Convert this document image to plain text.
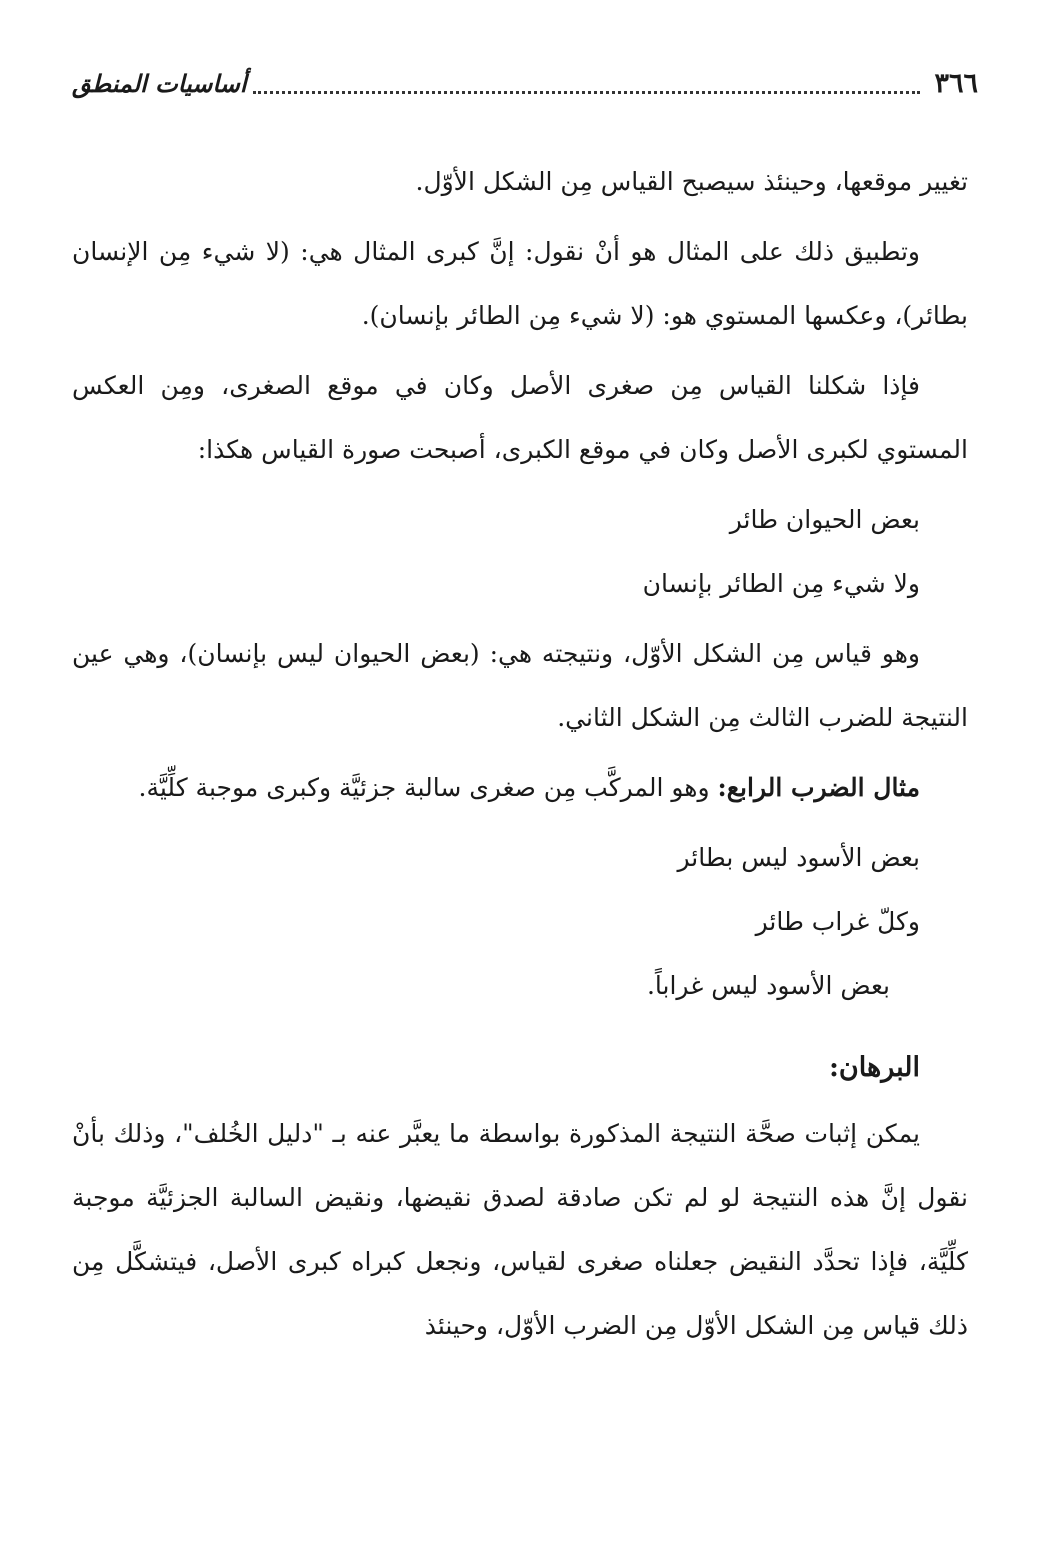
٣٦٦
أساسيات المنطق

تغيير موقعها، وحينئذ سيصبح القياس مِن الشكل الأوّل.

وتطبيق ذلك على المثال هو أنْ نقول: إنَّ كبرى المثال هي: (لا شيء مِن الإنسان بطائر)، وعكسها المستوي هو: (لا شيء مِن الطائر بإنسان).

فإذا شكلنا القياس مِن صغرى الأصل وكان في موقع الصغرى، ومِن العكس المستوي لكبرى الأصل وكان في موقع الكبرى، أصبحت صورة القياس هكذا:

بعض الحيوان طائر

ولا شيء مِن الطائر بإنسان

وهو قياس مِن الشكل الأوّل، ونتيجته هي: (بعض الحيوان ليس بإنسان)، وهي عين النتيجة للضرب الثالث مِن الشكل الثاني.

مثال الضرب الرابع: وهو المركَّب مِن صغرى سالبة جزئيَّة وكبرى موجبة كلِّيَّة.

بعض الأسود ليس بطائر

وكلّ غراب طائر

بعض الأسود ليس غراباً.

البرهان:

يمكن إثبات صحَّة النتيجة المذكورة بواسطة ما يعبَّر عنه بـ "دليل الخُلف"، وذلك بأنْ نقول إنَّ هذه النتيجة لو لم تكن صادقة لصدق نقيضها، ونقيض السالبة الجزئيَّة موجبة كلِّيَّة، فإذا تحدَّد النقيض جعلناه صغرى لقياس، ونجعل كبراه كبرى الأصل، فيتشكَّل مِن ذلك قياس مِن الشكل الأوّل مِن الضرب الأوّل، وحينئذ
